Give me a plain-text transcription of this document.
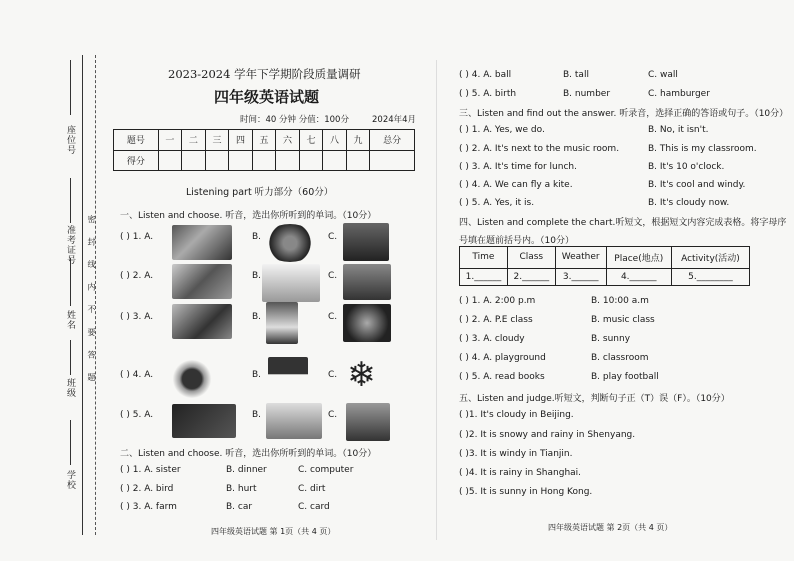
座位号
准考证号
姓名
班级
学校
密 封 线 内 不 要 答 题
2023-2024 学年下学期阶段质量调研
四年级英语试题
时间：40 分钟 分值：100分	2024年4月
题号	一	二	三	四	五	六	七	八	九	总分
得分										
Listening part 听力部分（60分）
一、Listen and choose. 听音，选出你所听到的单词。（10分）
( ) 1. A.	B.	C.
( ) 2. A.	B.	C.
( ) 3. A.	B.	C.
( ) 4. A.	B.	C. ❄
( ) 5. A.	B.	C.
二、Listen and choose. 听音，选出你所听到的单词。（10分）
( ) 1. A. sister	B. dinner	C. computer
( ) 2. A. bird	B. hurt	C. dirt
( ) 3. A. farm	B. car	C. card
四年级英语试题 第 1页（共 4 页）
( ) 4. A. ball	B. tall	C. wall
( ) 5. A. birth	B. number	C. hamburger
三、Listen and find out the answer. 听录音，选择正确的答语或句子。（10分）
( ) 1. A. Yes, we do.	B. No, it isn't.
( ) 2. A. It's next to the music room.	B. This is my classroom.
( ) 3. A. It's time for lunch.	B. It's 10 o'clock.
( ) 4. A. We can fly a kite.	B. It's cool and windy.
( ) 5. A. Yes, it is.	B. It's cloudy now.
四、Listen and complete the chart.听短文，根据短文内容完成表格。将字母序
号填在题前括号内。（10分）
Time	Class	Weather	Place(地点)	Activity(活动)
1.______	2.______	3.______	4.______	5.________
( ) 1. A. 2:00 p.m	B. 10:00 a.m
( ) 2. A. P.E class	B. music class
( ) 3. A. cloudy	B. sunny
( ) 4. A. playground	B. classroom
( ) 5. A. read books	B. play football
五、Listen and judge.听短文，判断句子正（T）误（F）。（10分）
( )1. It's cloudy in Beijing.
( )2. It is snowy and rainy in Shenyang.
( )3. It is windy in Tianjin.
( )4. It is rainy in Shanghai.
( )5. It is sunny in Hong Kong.
四年级英语试题 第 2页（共 4 页）
